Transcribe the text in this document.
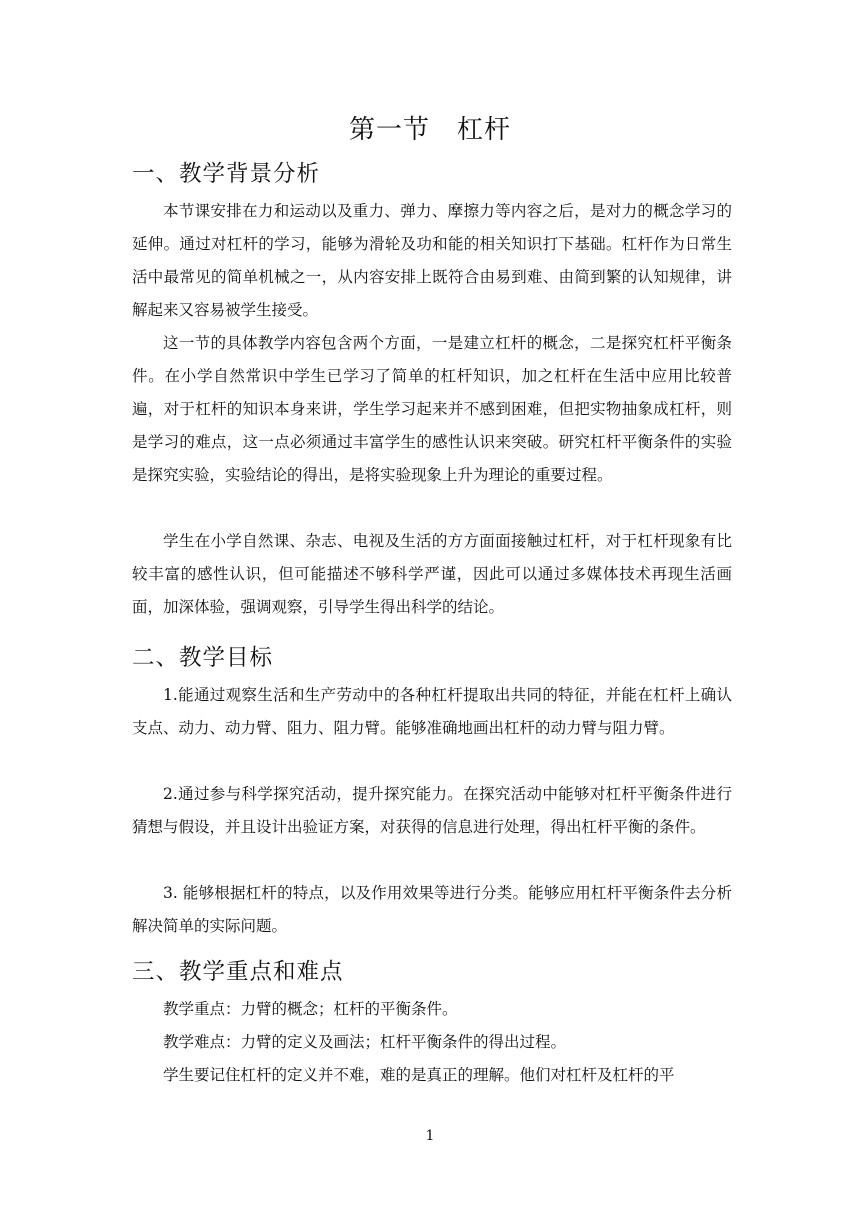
第一节　杠杆
一、教学背景分析
本节课安排在力和运动以及重力、弹力、摩擦力等内容之后，是对力的概念学习的延伸。通过对杠杆的学习，能够为滑轮及功和能的相关知识打下基础。杠杆作为日常生活中最常见的简单机械之一，从内容安排上既符合由易到难、由简到繁的认知规律，讲解起来又容易被学生接受。
这一节的具体教学内容包含两个方面，一是建立杠杆的概念，二是探究杠杆平衡条件。在小学自然常识中学生已学习了简单的杠杆知识，加之杠杆在生活中应用比较普遍，对于杠杆的知识本身来讲，学生学习起来并不感到困难，但把实物抽象成杠杆，则是学习的难点，这一点必须通过丰富学生的感性认识来突破。研究杠杆平衡条件的实验是探究实验，实验结论的得出，是将实验现象上升为理论的重要过程。
学生在小学自然课、杂志、电视及生活的方方面面接触过杠杆，对于杠杆现象有比较丰富的感性认识，但可能描述不够科学严谨，因此可以通过多媒体技术再现生活画面，加深体验，强调观察，引导学生得出科学的结论。
二、教学目标
1.能通过观察生活和生产劳动中的各种杠杆提取出共同的特征，并能在杠杆上确认支点、动力、动力臂、阻力、阻力臂。能够准确地画出杠杆的动力臂与阻力臂。
2.通过参与科学探究活动，提升探究能力。在探究活动中能够对杠杆平衡条件进行猜想与假设，并且设计出验证方案，对获得的信息进行处理，得出杠杆平衡的条件。
3. 能够根据杠杆的特点，以及作用效果等进行分类。能够应用杠杆平衡条件去分析解决简单的实际问题。
三、教学重点和难点
教学重点：力臂的概念；杠杆的平衡条件。
教学难点：力臂的定义及画法；杠杆平衡条件的得出过程。
学生要记住杠杆的定义并不难，难的是真正的理解。他们对杠杆及杠杆的平
1
